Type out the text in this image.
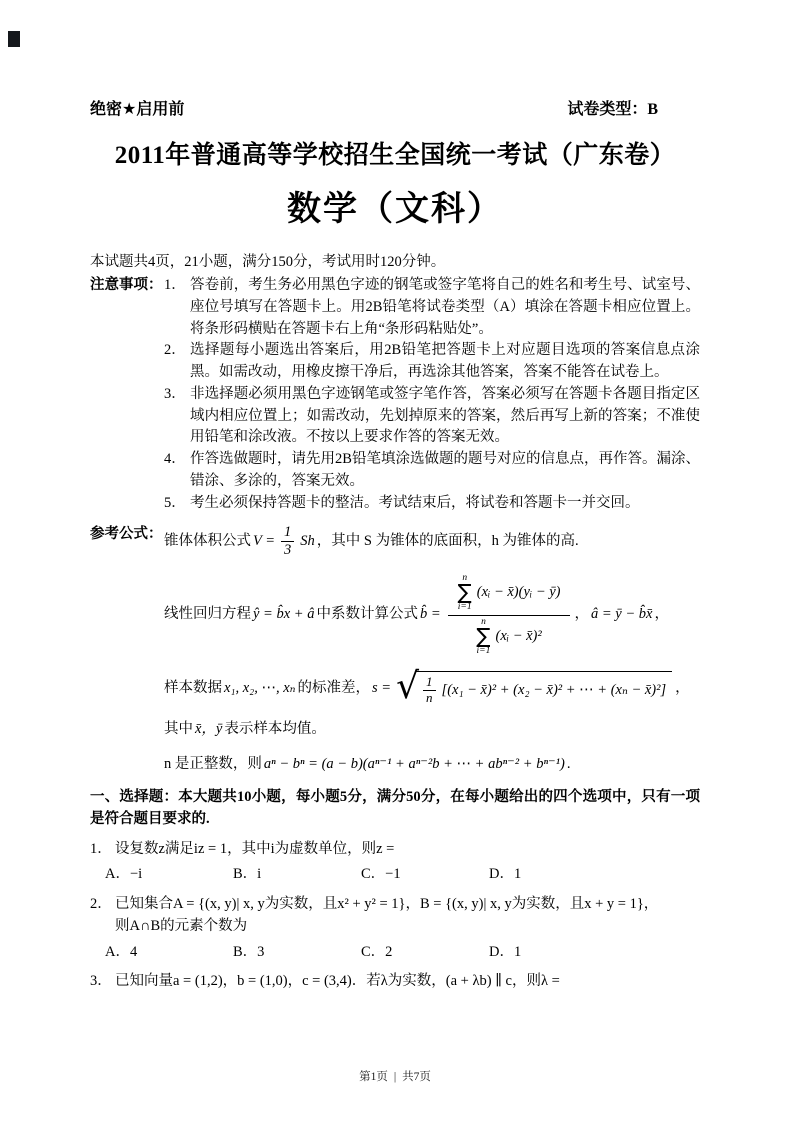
绝密★启用前	试卷类型：B
2011年普通高等学校招生全国统一考试（广东卷）
数学（文科）
本试题共4页，21小题，满分150分，考试用时120分钟。
注意事项： 1． 答卷前，考生务必用黑色字迹的钢笔或签字笔将自己的姓名和考生号、试室号、座位号填写在答题卡上。用2B铅笔将试卷类型（A）填涂在答题卡相应位置上。将条形码横贴在答题卡右上角“条形码粘贴处”。
2． 选择题每小题选出答案后，用2B铅笔把答题卡上对应题目选项的答案信息点涂黑。如需改动，用橡皮擦干净后，再选涂其他答案，答案不能答在试卷上。
3． 非选择题必须用黑色字迹钢笔或签字笔作答，答案必须写在答题卡各题目指定区域内相应位置上；如需改动，先划掉原来的答案，然后再写上新的答案；不准使用铅笔和涂改液。不按以上要求作答的答案无效。
4． 作答选做题时，请先用2B铅笔填涂选做题的题号对应的信息点，再作答。漏涂、错涂、多涂的，答案无效。
5． 考生必须保持答题卡的整洁。考试结束后，将试卷和答题卡一并交回。
参考公式： 锥体体积公式 $V = \frac{1}{3}$ Sh ，其中 S 为锥体的底面积，h 为锥体的高.
线性回归方程 ŷ = b̂x + â 中系数计算公式 b̂ = n
∑
i=1
(xᵢ − x̄)(yᵢ − ȳ)
n
∑
i=1
(xᵢ − x̄)² ， â = ȳ − b̂x̄ ，
样本数据 x₁, x₂, ⋯, xₙ 的标准差， s = √ $\frac{1}{n} [(x_1$ − x̄)² + (x₂ − x̄)² + ⋯ + (xₙ − x̄)²] ，
其中 x̄，ȳ 表示样本均值。
n 是正整数，则 aⁿ − bⁿ = (a − b)(aⁿ⁻¹ + aⁿ⁻²b + ⋯ + abⁿ⁻² + bⁿ⁻¹) .
一、选择题：本大题共10小题，每小题5分，满分50分，在每小题给出的四个选项中，只有一项是符合题目要求的.
1． 设复数z满足iz = 1，其中i为虚数单位，则z =
A．−i	B．i	C．−1	D．1
2． 已知集合A = {(x, y)| x, y为实数，且x² + y² = 1}，B = {(x, y)| x, y为实数，且x + y = 1}，
则A∩B的元素个数为
A．4	B．3	C．2	D．1
3． 已知向量a = (1,2)，b = (1,0)，c = (3,4)．若λ为实数，(a + λb) ∥ c，则λ =
第1页 | 共7页
